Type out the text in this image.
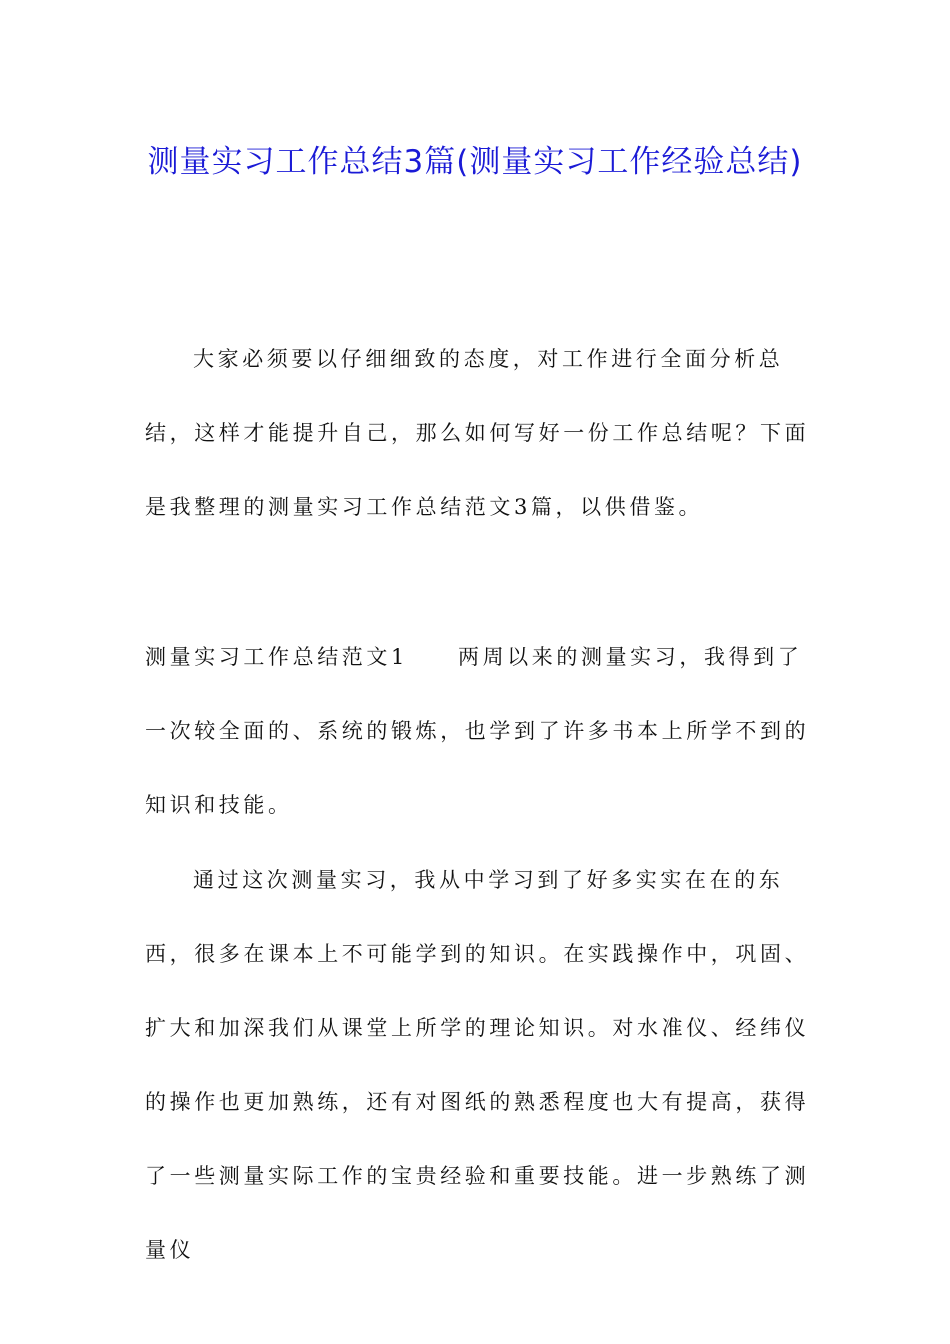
测量实习工作总结3篇(测量实习工作经验总结)

大家必须要以仔细细致的态度，对工作进行全面分析总结，这样才能提升自己，那么如何写好一份工作总结呢？下面是我整理的测量实习工作总结范文3篇，以供借鉴。

测量实习工作总结范文1 两周以来的测量实习，我得到了一次较全面的、系统的锻炼，也学到了许多书本上所学不到的知识和技能。

通过这次测量实习，我从中学习到了好多实实在在的东西，很多在课本上不可能学到的知识。在实践操作中，巩固、扩大和加深我们从课堂上所学的理论知识。对水准仪、经纬仪的操作也更加熟练，还有对图纸的熟悉程度也大有提高，获得了一些测量实际工作的宝贵经验和重要技能。进一步熟练了测量仪
